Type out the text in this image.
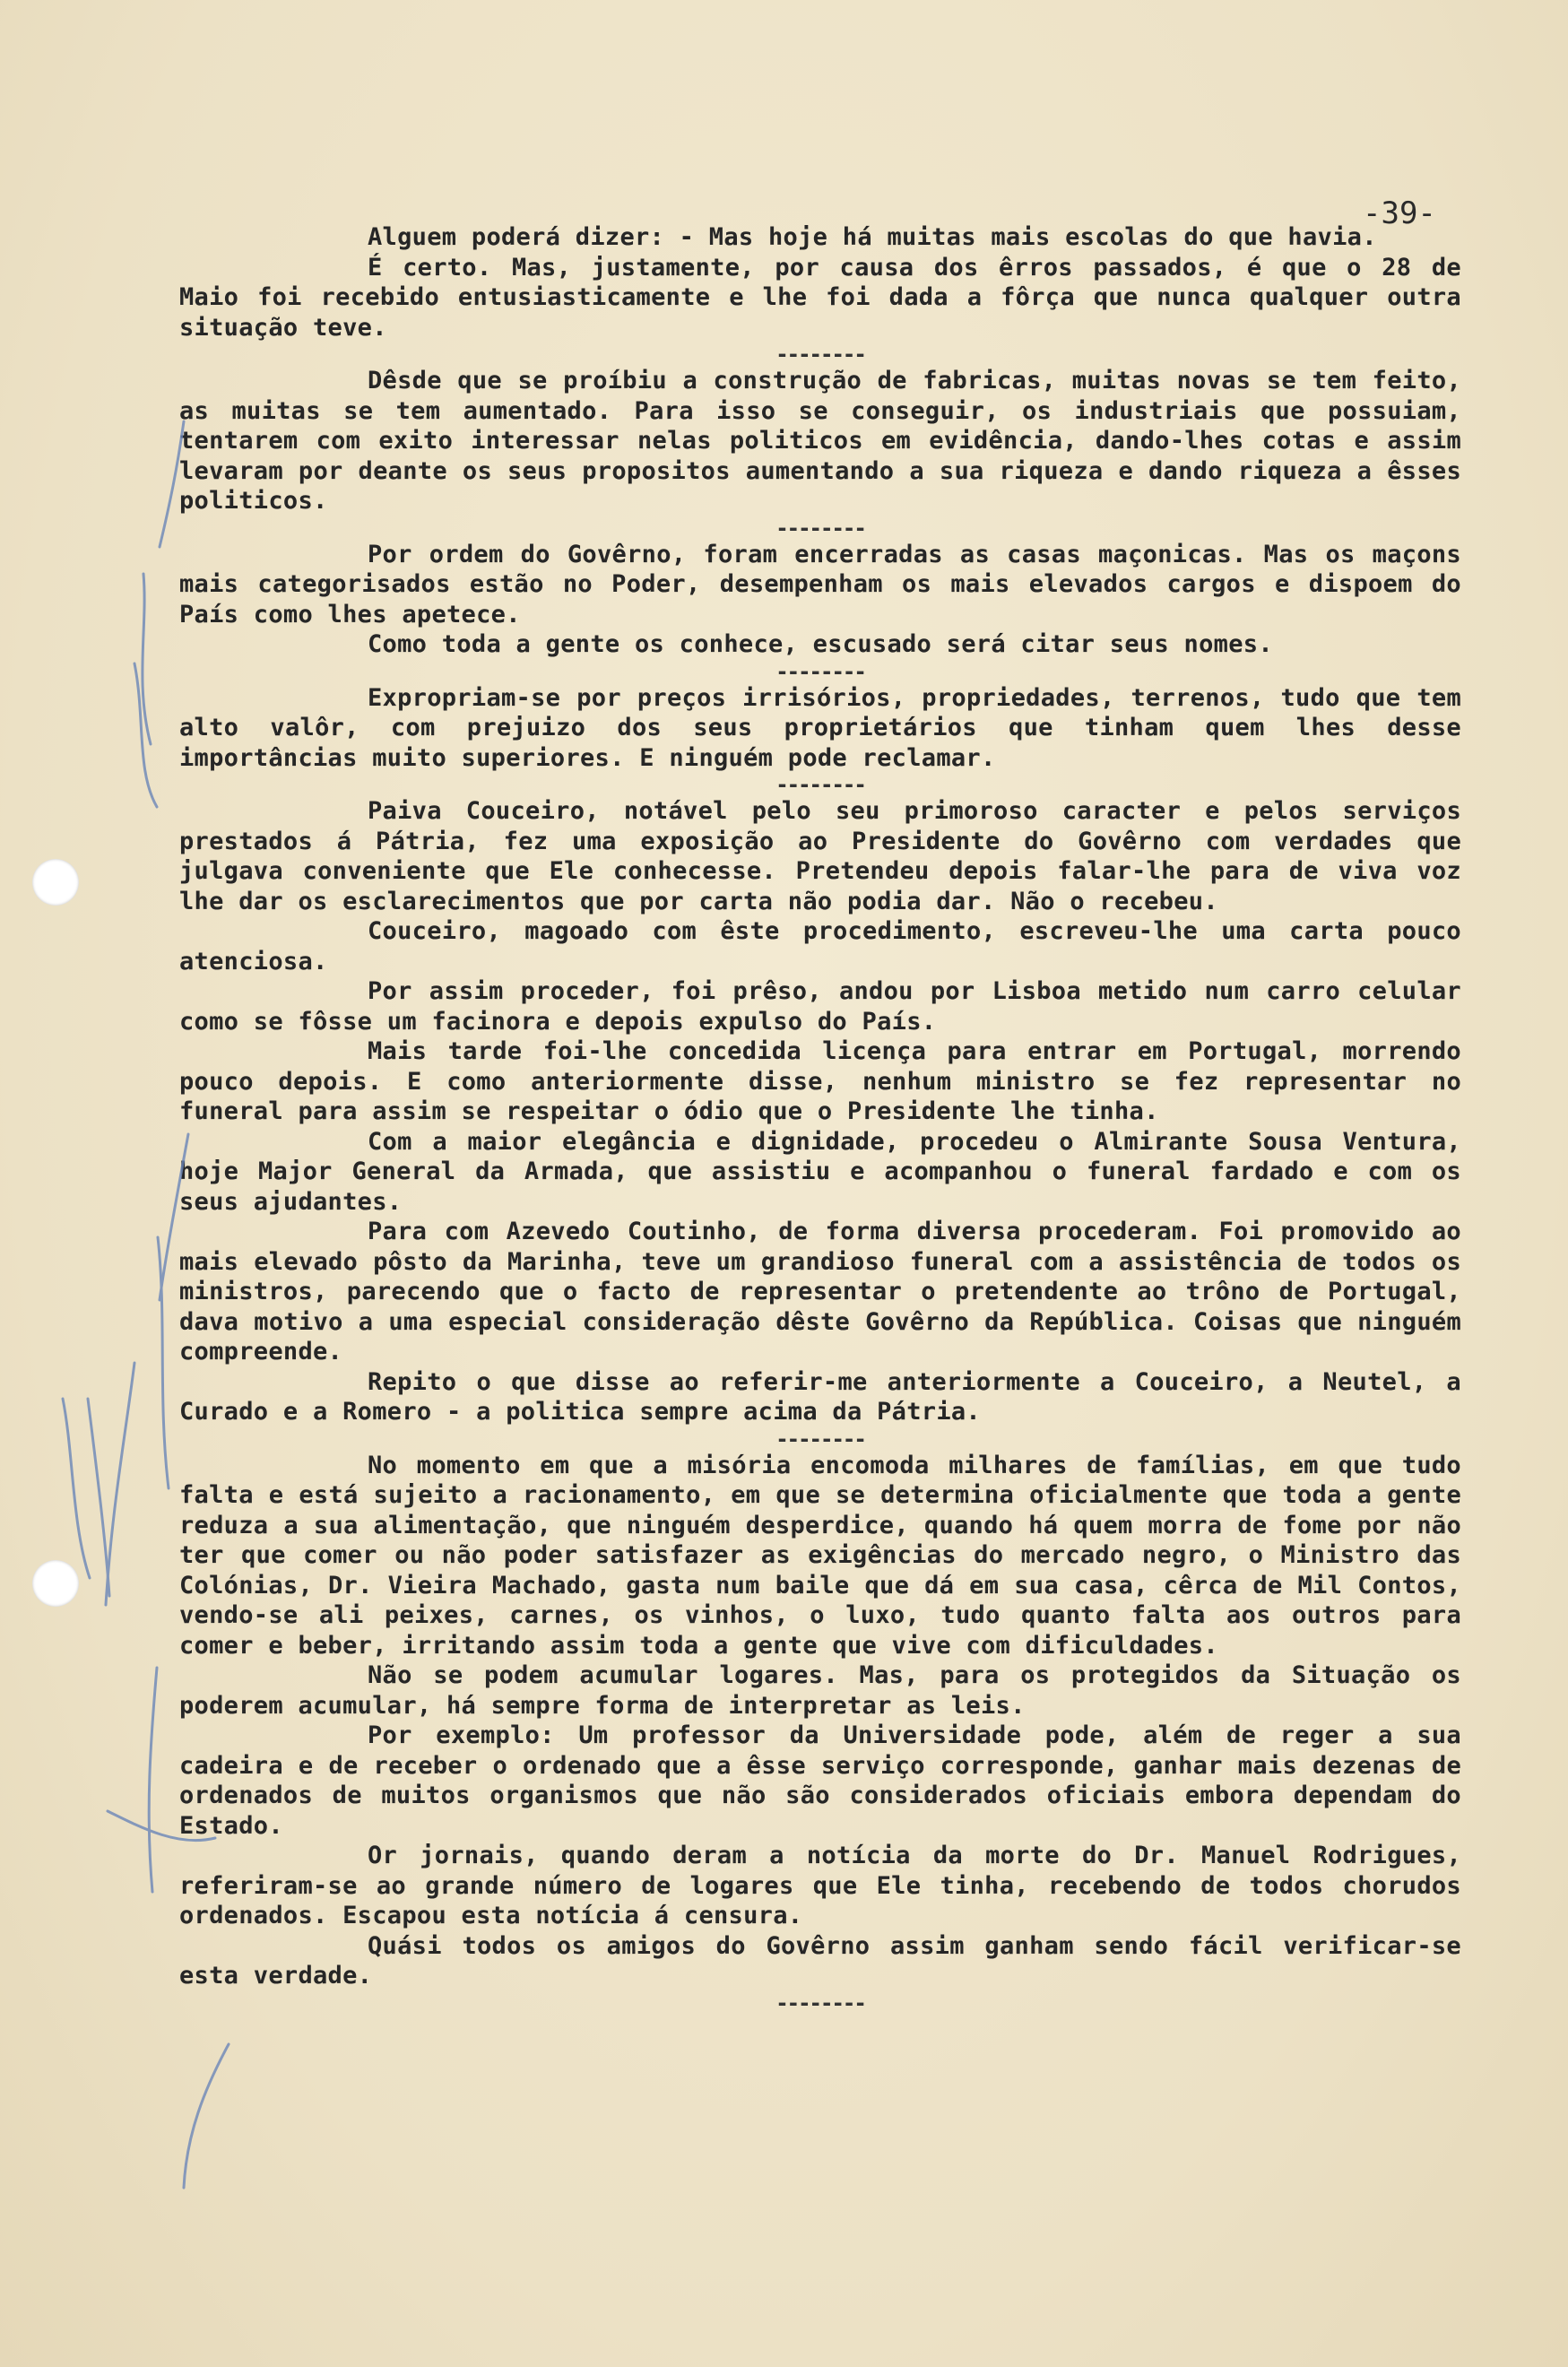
-39-

Alguem poderá dizer: - Mas hoje há muitas mais escolas do que havia.

É certo. Mas, justamente, por causa dos êrros passados, é que o 28 de Maio foi recebido entusiasticamente e lhe foi dada a fôrça que nunca qualquer outra situação teve.

--------

Dêsde que se proíbiu a construção de fabricas, muitas novas se tem feito, as muitas se tem aumentado. Para isso se conseguir, os industriais que possuiam, tentarem com exito interessar nelas politicos em evidência, dando-lhes cotas e assim levaram por deante os seus propositos aumentando a sua riqueza e dando riqueza a êsses politicos.

--------

Por ordem do Govêrno, foram encerradas as casas maçonicas. Mas os maçons mais categorisados estão no Poder, desempenham os mais elevados cargos e dispoem do País como lhes apetece.

Como toda a gente os conhece, escusado será citar seus nomes.

--------

Expropriam-se por preços irrisórios, propriedades, terrenos, tudo que tem alto valôr, com prejuizo dos seus proprietários que tinham quem lhes desse importâncias muito superiores. E ninguém pode reclamar.

--------

Paiva Couceiro, notável pelo seu primoroso caracter e pelos serviços prestados á Pátria, fez uma exposição ao Presidente do Govêrno com verdades que julgava conveniente que Ele conhecesse. Pretendeu depois falar-lhe para de viva voz lhe dar os esclarecimentos que por carta não podia dar. Não o recebeu.

Couceiro, magoado com êste procedimento, escreveu-lhe uma carta pouco atenciosa.

Por assim proceder, foi prêso, andou por Lisboa metido num carro celular como se fôsse um facinora e depois expulso do País.

Mais tarde foi-lhe concedida licença para entrar em Portugal, morrendo pouco depois. E como anteriormente disse, nenhum ministro se fez representar no funeral para assim se respeitar o ódio que o Presidente lhe tinha.

Com a maior elegância e dignidade, procedeu o Almirante Sousa Ventura, hoje Major General da Armada, que assistiu e acompanhou o funeral fardado e com os seus ajudantes.

Para com Azevedo Coutinho, de forma diversa procederam. Foi promovido ao mais elevado pôsto da Marinha, teve um grandioso funeral com a assistência de todos os ministros, parecendo que o facto de representar o pretendente ao trôno de Portugal, dava motivo a uma especial consideração dêste Govêrno da República. Coisas que ninguém compreende.

Repito o que disse ao referir-me anteriormente a Couceiro, a Neutel, a Curado e a Romero - a politica sempre acima da Pátria.

--------

No momento em que a misória encomoda milhares de famílias, em que tudo falta e está sujeito a racionamento, em que se determina oficialmente que toda a gente reduza a sua alimentação, que ninguém desperdice, quando há quem morra de fome por não ter que comer ou não poder satisfazer as exigências do mercado negro, o Ministro das Colónias, Dr. Vieira Machado, gasta num baile que dá em sua casa, cêrca de Mil Contos, vendo-se ali peixes, carnes, os vinhos, o luxo, tudo quanto falta aos outros para comer e beber, irritando assim toda a gente que vive com dificuldades.

Não se podem acumular logares. Mas, para os protegidos da Situação os poderem acumular, há sempre forma de interpretar as leis.

Por exemplo: Um professor da Universidade pode, além de reger a sua cadeira e de receber o ordenado que a êsse serviço corresponde, ganhar mais dezenas de ordenados de muitos organismos que não são considerados oficiais embora dependam do Estado.

Or jornais, quando deram a notícia da morte do Dr. Manuel Rodrigues, referiram-se ao grande número de logares que Ele tinha, recebendo de todos chorudos ordenados. Escapou esta notícia á censura.

Quási todos os amigos do Govêrno assim ganham sendo fácil verificar-se esta verdade.

--------
